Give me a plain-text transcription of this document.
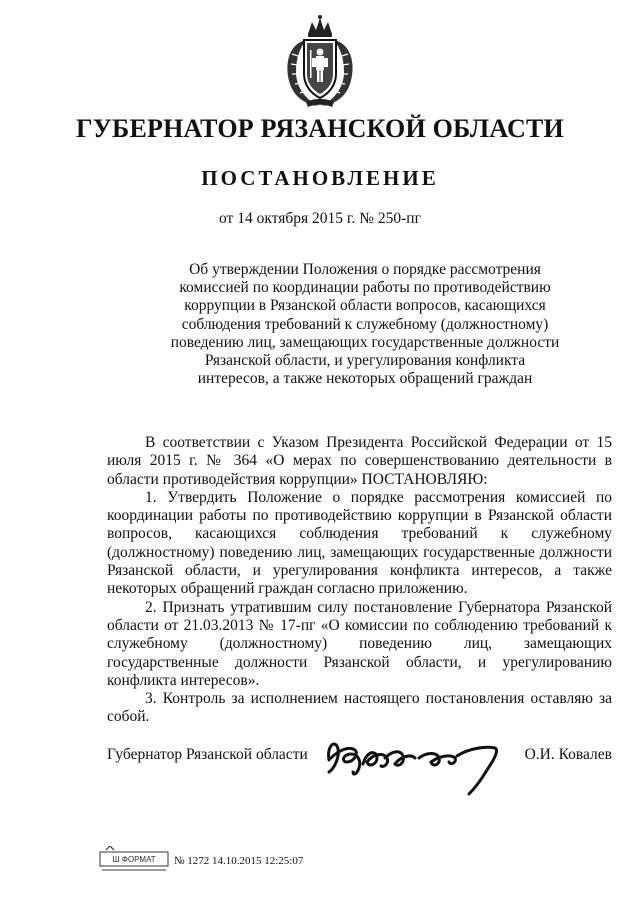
ГУБЕРНАТОР РЯЗАНСКОЙ ОБЛАСТИ
ПОСТАНОВЛЕНИЕ
от 14 октября 2015 г. № 250-пг
Об утверждении Положения о порядке рассмотрения
комиссией по координации работы по противодействию
коррупции в Рязанской области вопросов, касающихся
соблюдения требований к служебному (должностному)
поведению лиц, замещающих государственные должности
Рязанской области, и урегулирования конфликта
интересов, а также некоторых обращений граждан

В соответствии с Указом Президента Российской Федерации от 15 июля 2015 г. № 364 «О мерах по совершенствованию деятельности в области противодействия коррупции» ПОСТАНОВЛЯЮ:

1. Утвердить Положение о порядке рассмотрения комиссией по координации работы по противодействию коррупции в Рязанской области вопросов, касающихся соблюдения требований к служебному (должностному) поведению лиц, замещающих государственные должности Рязанской области, и урегулирования конфликта интересов, а также некоторых обращений граждан согласно приложению.

2. Признать утратившим силу постановление Губернатора Рязанской области от 21.03.2013 № 17-пг «О комиссии по соблюдению требований к служебному (должностному) поведению лиц, замещающих государственные должности Рязанской области, и урегулированию конфликта интересов».

3. Контроль за исполнением настоящего постановления оставляю за собой.

Губернатор Рязанской области	О.И. Ковалев
Ш ФОРМАТ № 1272 14.10.2015 12:25:07
